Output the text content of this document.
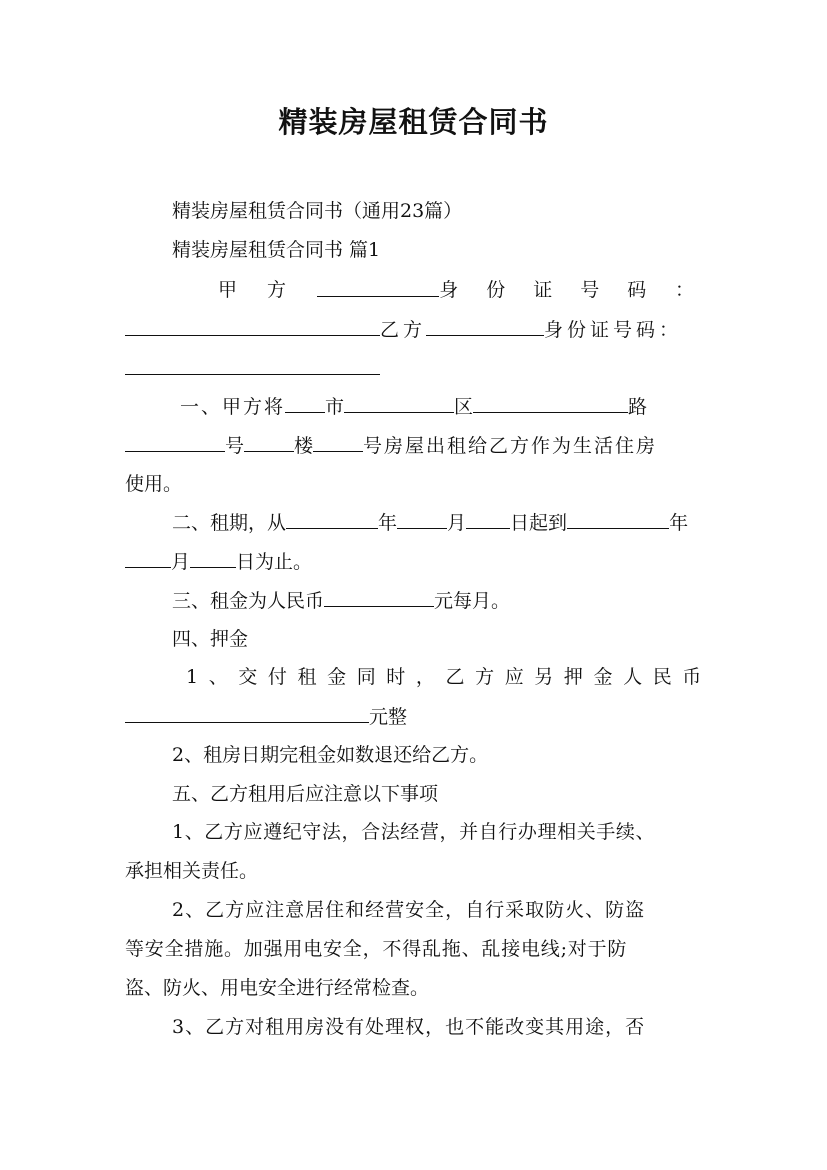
精装房屋租赁合同书
精装房屋租赁合同书（通用23篇）
精装房屋租赁合同书 篇1
甲方	身份证号码 ：
乙方	身份证号码：
一、甲方将 市	区	路
号	楼	号房屋出租给乙方作为生活住房
使用。
二、租期，从	年	月 日起到	年
月 日为止。
三、租金为人民币	元每月。
四、押金
1、交付租金同时，乙方应另押金人民币
元整
2、租房日期完租金如数退还给乙方。
五、乙方租用后应注意以下事项
1、乙方应遵纪守法，合法经营，并自行办理相关手续、
承担相关责任。
2、乙方应注意居住和经营安全，自行采取防火、防盗
等安全措施。加强用电安全，不得乱拖、乱接电线;对于防
盗、防火、用电安全进行经常检查。
3、乙方对租用房没有处理权，也不能改变其用途，否
